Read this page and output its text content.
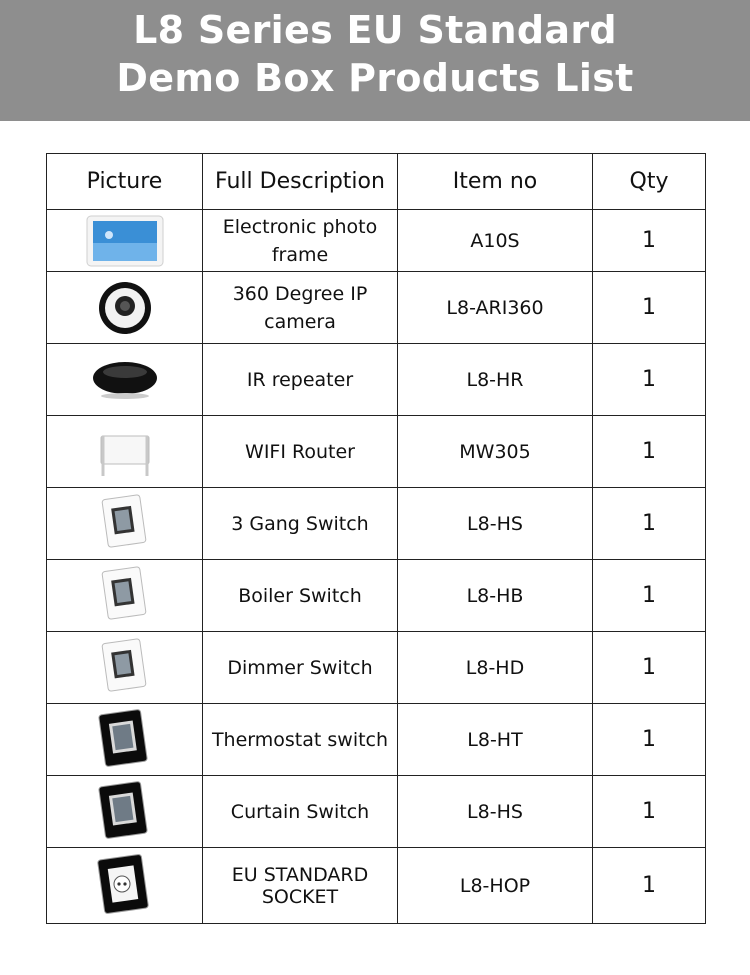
L8 Series EU Standard
Demo Box Products List
Picture	Full Description	Item no	Qty

	Electronic photo frame	A10S	1

	360 Degree IP camera	L8-ARI360	1

	IR repeater	L8-HR	1

	WIFI Router	MW305	1

	3 Gang Switch	L8-HS	1

	Boiler Switch	L8-HB	1

	Dimmer Switch	L8-HD	1

	Thermostat switch	L8-HT	1

	Curtain Switch	L8-HS	1

	EU STANDARD SOCKET	L8-HOP	1
